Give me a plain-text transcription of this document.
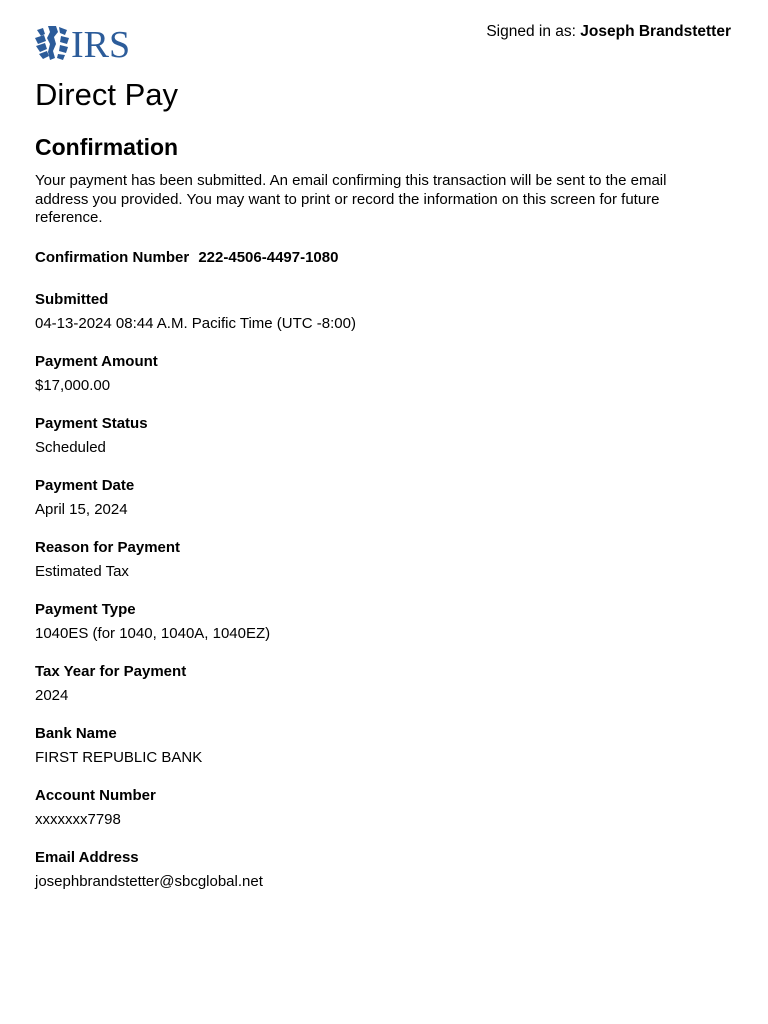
IRS	Signed in as: Joseph Brandstetter
Direct Pay
Confirmation

Your payment has been submitted. An email confirming this transaction will be sent to the email address you provided. You may want to print or record the information on this screen for future reference.

Confirmation Number 222-4506-4497-1080
Submitted
04-13-2024 08:44 A.M. Pacific Time (UTC -8:00)
Payment Amount
$17,000.00
Payment Status
Scheduled
Payment Date
April 15, 2024
Reason for Payment
Estimated Tax
Payment Type
1040ES (for 1040, 1040A, 1040EZ)
Tax Year for Payment
2024
Bank Name
FIRST REPUBLIC BANK
Account Number
xxxxxxx7798
Email Address
josephbrandstetter@sbcglobal.net
